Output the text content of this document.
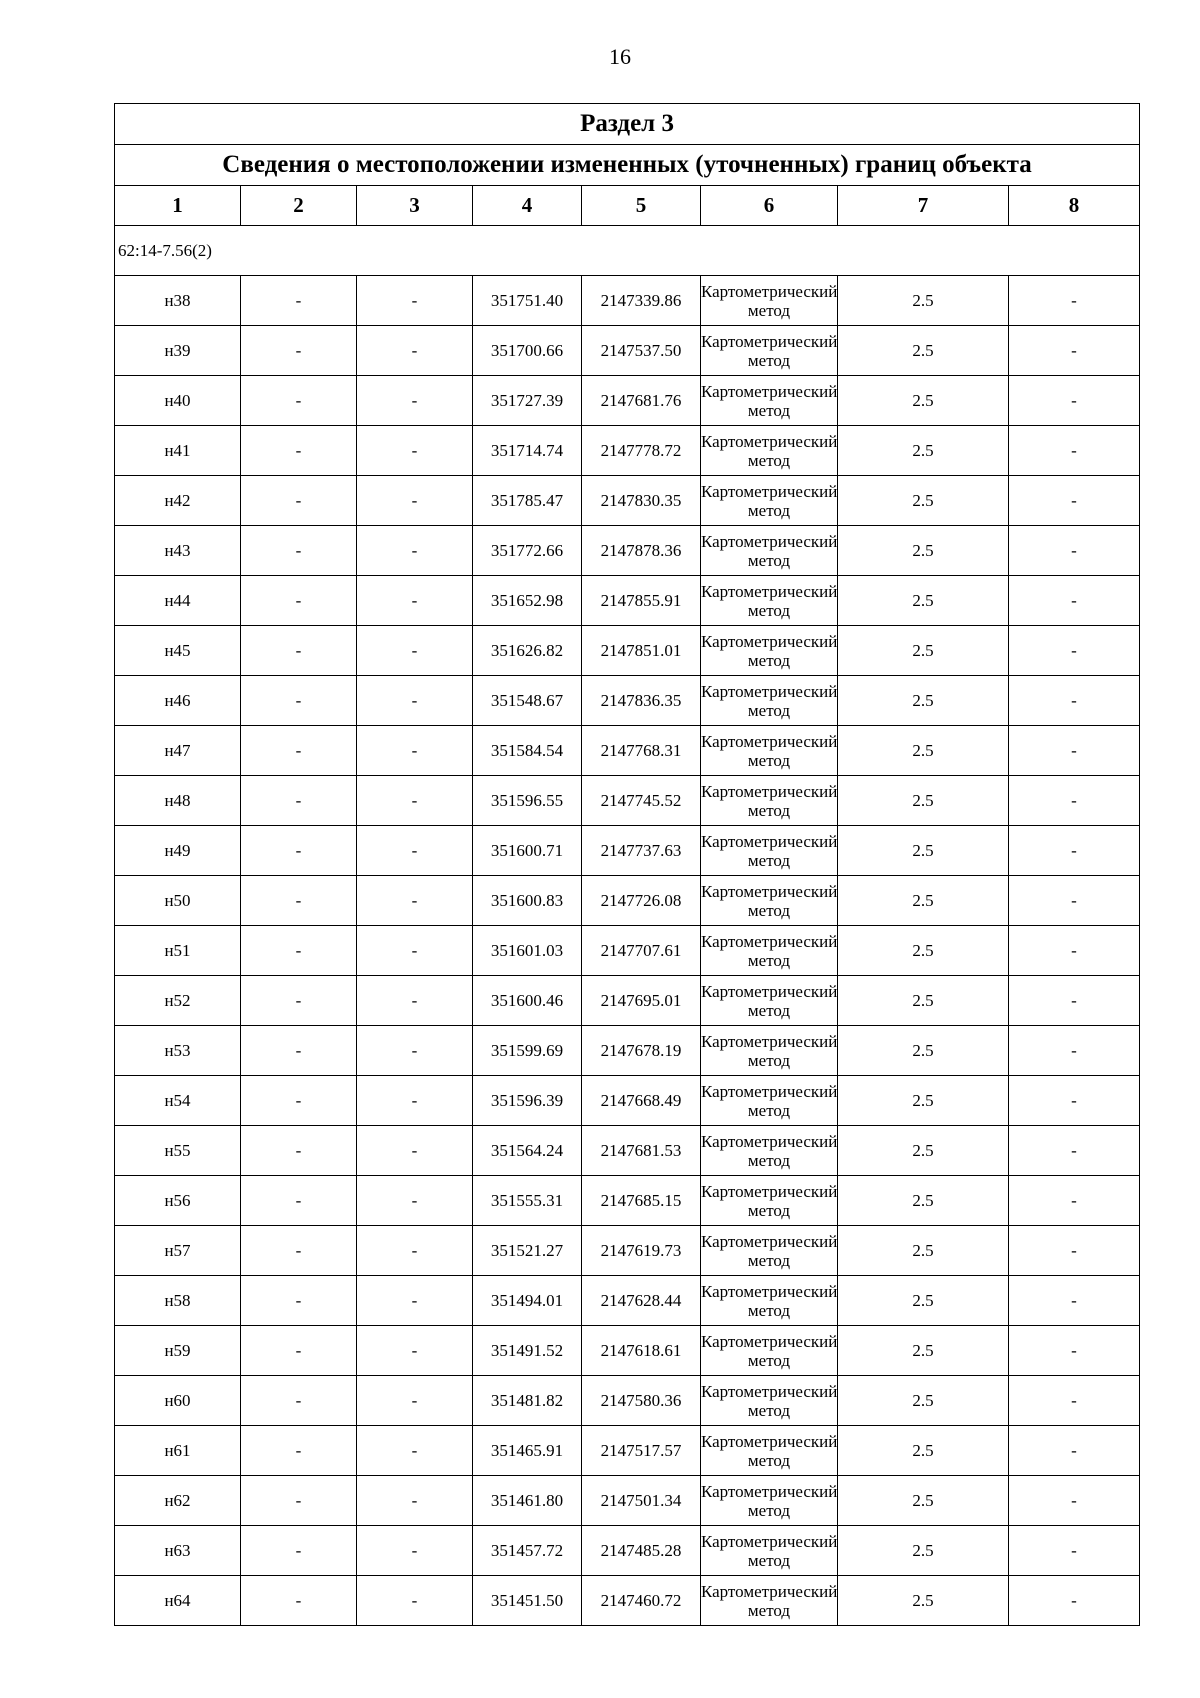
16
Раздел 3							
Сведения о местоположении измененных (уточненных) границ объекта							
1	2	3	4	5	6	7	8
62:14-7.56(2)							
н38	-	-	351751.40	2147339.86	Картометрический метод	2.5	-
н39	-	-	351700.66	2147537.50	Картометрический метод	2.5	-
н40	-	-	351727.39	2147681.76	Картометрический метод	2.5	-
н41	-	-	351714.74	2147778.72	Картометрический метод	2.5	-
н42	-	-	351785.47	2147830.35	Картометрический метод	2.5	-
н43	-	-	351772.66	2147878.36	Картометрический метод	2.5	-
н44	-	-	351652.98	2147855.91	Картометрический метод	2.5	-
н45	-	-	351626.82	2147851.01	Картометрический метод	2.5	-
н46	-	-	351548.67	2147836.35	Картометрический метод	2.5	-
н47	-	-	351584.54	2147768.31	Картометрический метод	2.5	-
н48	-	-	351596.55	2147745.52	Картометрический метод	2.5	-
н49	-	-	351600.71	2147737.63	Картометрический метод	2.5	-
н50	-	-	351600.83	2147726.08	Картометрический метод	2.5	-
н51	-	-	351601.03	2147707.61	Картометрический метод	2.5	-
н52	-	-	351600.46	2147695.01	Картометрический метод	2.5	-
н53	-	-	351599.69	2147678.19	Картометрический метод	2.5	-
н54	-	-	351596.39	2147668.49	Картометрический метод	2.5	-
н55	-	-	351564.24	2147681.53	Картометрический метод	2.5	-
н56	-	-	351555.31	2147685.15	Картометрический метод	2.5	-
н57	-	-	351521.27	2147619.73	Картометрический метод	2.5	-
н58	-	-	351494.01	2147628.44	Картометрический метод	2.5	-
н59	-	-	351491.52	2147618.61	Картометрический метод	2.5	-
н60	-	-	351481.82	2147580.36	Картометрический метод	2.5	-
н61	-	-	351465.91	2147517.57	Картометрический метод	2.5	-
н62	-	-	351461.80	2147501.34	Картометрический метод	2.5	-
н63	-	-	351457.72	2147485.28	Картометрический метод	2.5	-
н64	-	-	351451.50	2147460.72	Картометрический метод	2.5	-
